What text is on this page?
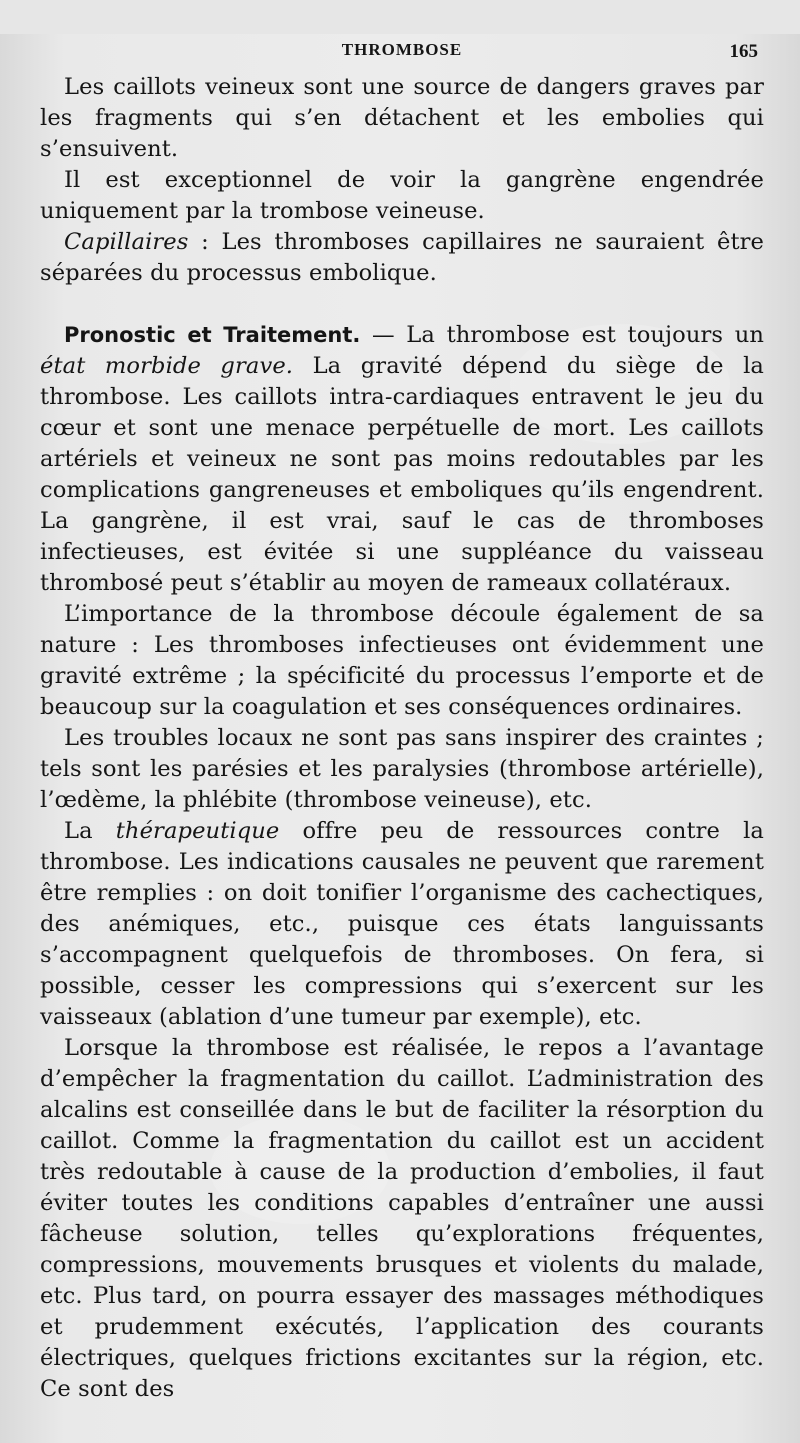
THROMBOSE	165

Les caillots veineux sont une source de dangers graves par les fragments qui s’en détachent et les embolies qui s’ensuivent.

Il est exceptionnel de voir la gangrène engendrée uniquement par la trombose veineuse.

Capillaires : Les thromboses capillaires ne sauraient être séparées du processus embolique.

Pronostic et Traitement. — La thrombose est toujours un état morbide grave. La gravité dépend du siège de la thrombose. Les caillots intra-cardiaques entravent le jeu du cœur et sont une menace perpétuelle de mort. Les caillots artériels et veineux ne sont pas moins redoutables par les complications gangreneuses et emboliques qu’ils engendrent. La gangrène, il est vrai, sauf le cas de thromboses infectieuses, est évitée si une suppléance du vaisseau thrombosé peut s’établir au moyen de rameaux collatéraux.

L’importance de la thrombose découle également de sa nature : Les thromboses infectieuses ont évidemment une gravité extrême ; la spécificité du processus l’emporte et de beaucoup sur la coagulation et ses conséquences ordinaires.

Les troubles locaux ne sont pas sans inspirer des craintes ; tels sont les parésies et les paralysies (thrombose artérielle), l’œdème, la phlébite (thrombose veineuse), etc.

La thérapeutique offre peu de ressources contre la thrombose. Les indications causales ne peuvent que rarement être remplies : on doit tonifier l’organisme des cachectiques, des anémiques, etc., puisque ces états languissants s’accompagnent quelquefois de thromboses. On fera, si possible, cesser les compressions qui s’exercent sur les vaisseaux (ablation d’une tumeur par exemple), etc.

Lorsque la thrombose est réalisée, le repos a l’avantage d’empêcher la fragmentation du caillot. L’administration des alcalins est conseillée dans le but de faciliter la résorption du caillot. Comme la fragmentation du caillot est un accident très redoutable à cause de la production d’embolies, il faut éviter toutes les conditions capables d’entraîner une aussi fâcheuse solution, telles qu’explorations fréquentes, compressions, mouvements brusques et violents du malade, etc. Plus tard, on pourra essayer des massages méthodiques et prudemment exécutés, l’application des courants électriques, quelques frictions excitantes sur la région, etc. Ce sont des
